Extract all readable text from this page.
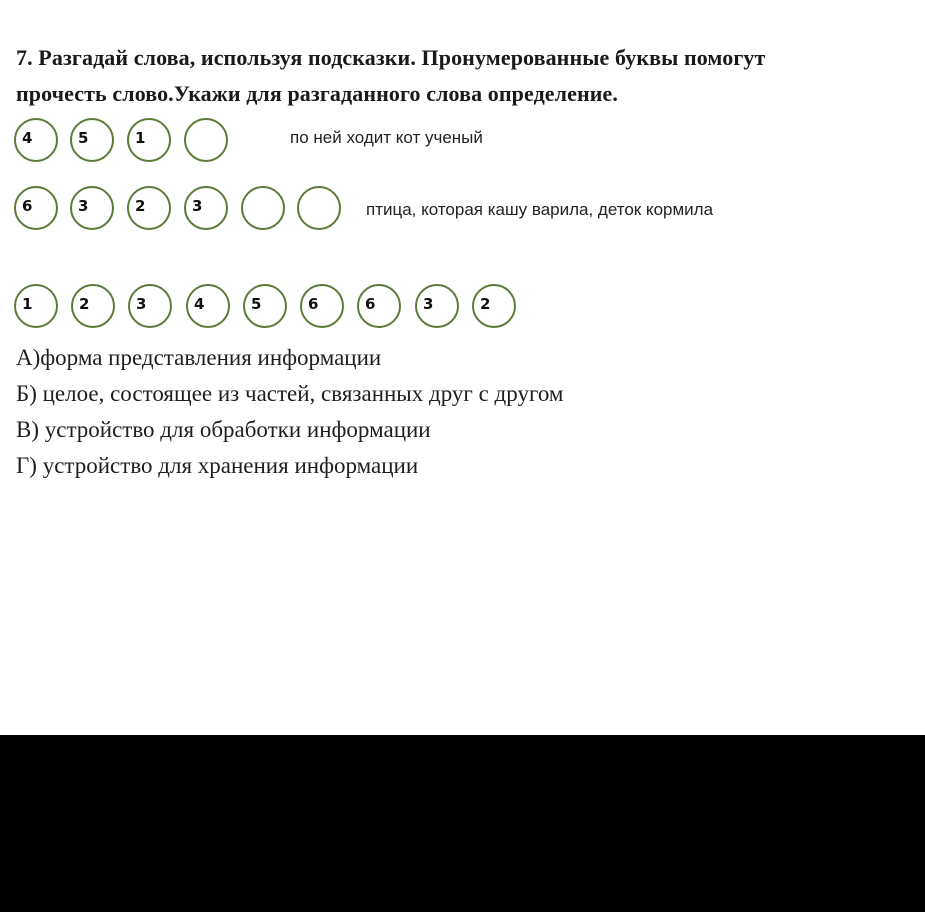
7. Разгадай слова, используя подсказки. Пронумерованные буквы помогут
прочесть слово.Укажи для разгаданного слова определение.
4	5	1	по ней ходит кот ученый
6	3	2	3	птица, которая кашу варила, деток кормила
1	2	3	4	5	6	6	3	2
А)форма представления информации
Б) целое, состоящее из частей, связанных друг с другом
В) устройство для обработки информации
Г) устройство для хранения информации
